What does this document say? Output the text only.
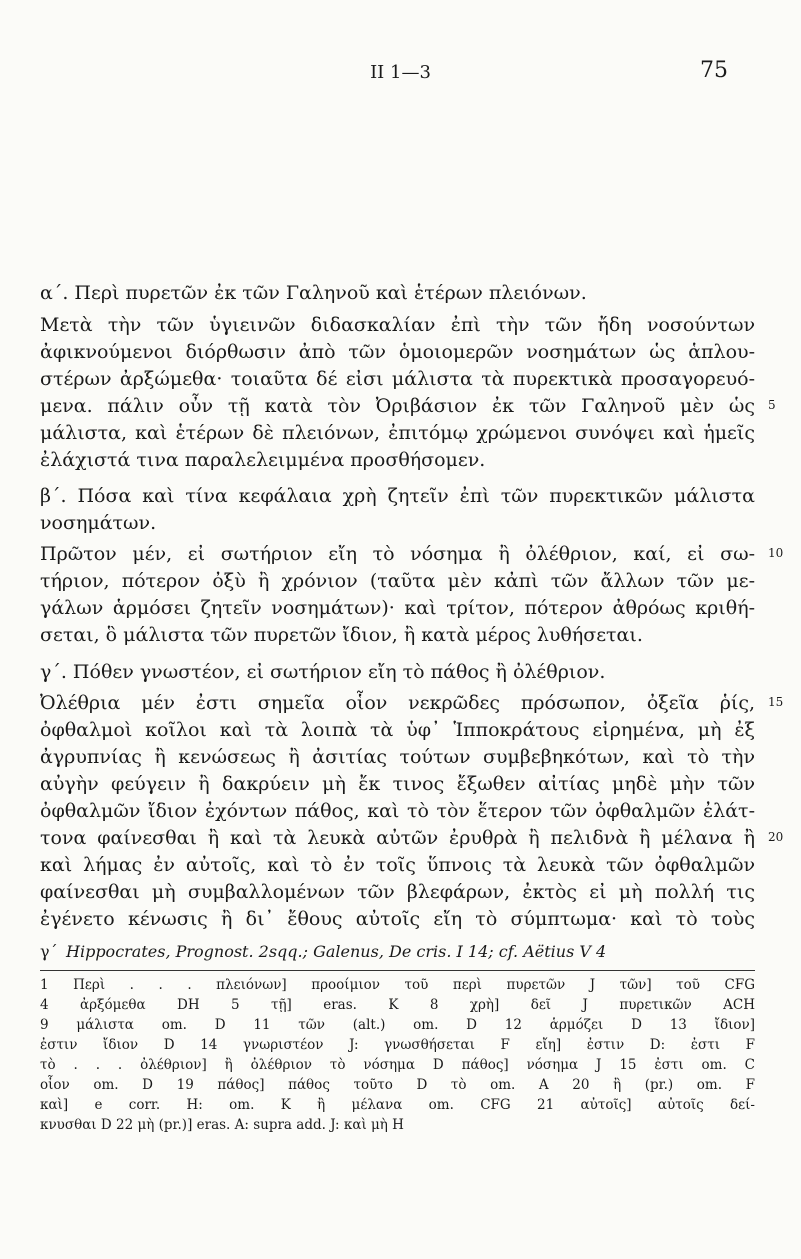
II 1—3	75
α΄. Περὶ πυρετῶν ἐκ τῶν Γαληνοῦ καὶ ἑτέρων πλειόνων.
Μετὰ τὴν τῶν ὑγιεινῶν διδασκαλίαν ἐπὶ τὴν τῶν ἤδη νοσούντων
ἀφικνούμενοι διόρθωσιν ἀπὸ τῶν ὁμοιομερῶν νοσημάτων ὡς ἁπλου-
στέρων ἀρξώμεθα· τοιαῦτα δέ εἰσι μάλιστα τὰ πυρεκτικὰ προσαγορευό-
μενα. πάλιν οὖν τῇ κατὰ τὸν Ὀριβάσιον ἐκ τῶν Γαληνοῦ μὲν ὡς
μάλιστα, καὶ ἑτέρων δὲ πλειόνων, ἐπιτόμῳ χρώμενοι συνόψει καὶ ἡμεῖς
ἐλάχιστά τινα παραλελειμμένα προσθήσομεν.
β΄. Πόσα καὶ τίνα κεφάλαια χρὴ ζητεῖν ἐπὶ τῶν πυρεκτικῶν μάλιστα νοσημάτων.
Πρῶτον μέν, εἰ σωτήριον εἴη τὸ νόσημα ἢ ὀλέθριον, καί, εἰ σω-
τήριον, πότερον ὀξὺ ἢ χρόνιον (ταῦτα μὲν κἀπὶ τῶν ἄλλων τῶν με-
γάλων ἁρμόσει ζητεῖν νοσημάτων)· καὶ τρίτον, πότερον ἀθρόως κριθή-
σεται, ὃ μάλιστα τῶν πυρετῶν ἴδιον, ἢ κατὰ μέρος λυθήσεται.
γ΄. Πόθεν γνωστέον, εἰ σωτήριον εἴη τὸ πάθος ἢ ὀλέθριον.
Ὀλέθρια μέν ἐστι σημεῖα οἷον νεκρῶδες πρόσωπον, ὀξεῖα ῥίς,
ὀφθαλμοὶ κοῖλοι καὶ τὰ λοιπὰ τὰ ὑφ᾽ Ἱπποκράτους εἰρημένα, μὴ ἐξ
ἀγρυπνίας ἢ κενώσεως ἢ ἀσιτίας τούτων συμβεβηκότων, καὶ τὸ τὴν
αὐγὴν φεύγειν ἢ δακρύειν μὴ ἔκ τινος ἔξωθεν αἰτίας μηδὲ μὴν τῶν
ὀφθαλμῶν ἴδιον ἐχόντων πάθος, καὶ τὸ τὸν ἕτερον τῶν ὀφθαλμῶν ἐλάτ-
τονα φαίνεσθαι ἢ καὶ τὰ λευκὰ αὐτῶν ἐρυθρὰ ἢ πελιδνὰ ἢ μέλανα ἢ
καὶ λήμας ἐν αὐτοῖς, καὶ τὸ ἐν τοῖς ὕπνοις τὰ λευκὰ τῶν ὀφθαλμῶν
φαίνεσθαι μὴ συμβαλλομένων τῶν βλεφάρων, ἐκτὸς εἰ μὴ πολλή τις
ἐγένετο κένωσις ἢ δι᾽ ἔθους αὐτοῖς εἴη τὸ σύμπτωμα· καὶ τὸ τοὺς
5
10
15
20
γ΄ Hippocrates, Prognost. 2sqq.; Galenus, De cris. I 14; cf. Aëtius V 4
1 Περὶ . . . πλειόνων] προοίμιον τοῦ περὶ πυρετῶν J τῶν] τοῦ CFG
4 ἀρξόμεθα DH 5 τῇ] eras. K 8 χρὴ] δεῖ J πυρετικῶν ACH
9 μάλιστα om. D 11 τῶν (alt.) om. D 12 ἁρμόζει D 13 ἴδιον]
ἐστιν ἴδιον D 14 γνωριστέον J: γνωσθήσεται F εἴη] ἐστιν D: ἐστι F
τὸ . . . ὀλέθριον] ἢ ὀλέθριον τὸ νόσημα D πάθος] νόσημα J 15 ἐστι om. C
οἷον om. D 19 πάθος] πάθος τοῦτο D τὸ om. A 20 ἢ (pr.) om. F
καὶ] e corr. H: om. K ἢ μέλανα om. CFG 21 αὐτοῖς] αὐτοῖς δεί-
κνυσθαι D 22 μὴ (pr.)] eras. A: supra add. J: καὶ μὴ H
